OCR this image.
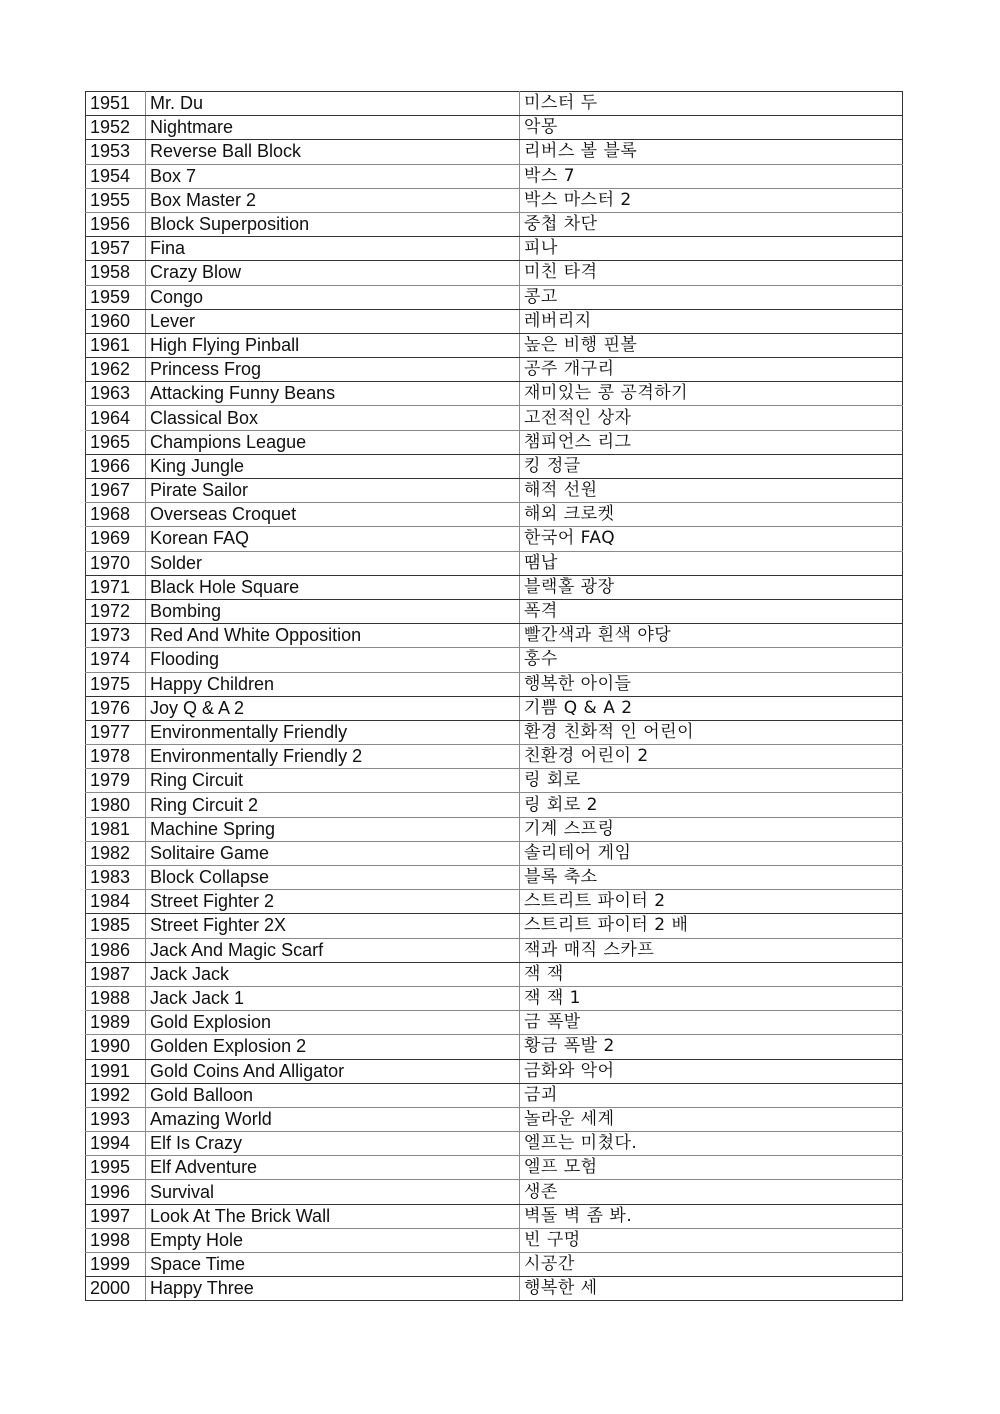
1951	Mr. Du	미스터 두
1952	Nightmare	악몽
1953	Reverse Ball Block	리버스 볼 블록
1954	Box 7	박스 7
1955	Box Master 2	박스 마스터 2
1956	Block Superposition	중첩 차단
1957	Fina	피나
1958	Crazy Blow	미친 타격
1959	Congo	콩고
1960	Lever	레버리지
1961	High Flying Pinball	높은 비행 핀볼
1962	Princess Frog	공주 개구리
1963	Attacking Funny Beans	재미있는 콩 공격하기
1964	Classical Box	고전적인 상자
1965	Champions League	챔피언스 리그
1966	King Jungle	킹 정글
1967	Pirate Sailor	해적 선원
1968	Overseas Croquet	해외 크로켓
1969	Korean FAQ	한국어 FAQ
1970	Solder	땜납
1971	Black Hole Square	블랙홀 광장
1972	Bombing	폭격
1973	Red And White Opposition	빨간색과 흰색 야당
1974	Flooding	홍수
1975	Happy Children	행복한 아이들
1976	Joy Q & A 2	기쁨 Q & A 2
1977	Environmentally Friendly	환경 친화적 인 어린이
1978	Environmentally Friendly 2	친환경 어린이 2
1979	Ring Circuit	링 회로
1980	Ring Circuit 2	링 회로 2
1981	Machine Spring	기계 스프링
1982	Solitaire Game	솔리테어 게임
1983	Block Collapse	블록 축소
1984	Street Fighter 2	스트리트 파이터 2
1985	Street Fighter 2X	스트리트 파이터 2 배
1986	Jack And Magic Scarf	잭과 매직 스카프
1987	Jack Jack	잭 잭
1988	Jack Jack 1	잭 잭 1
1989	Gold Explosion	금 폭발
1990	Golden Explosion 2	황금 폭발 2
1991	Gold Coins And Alligator	금화와 악어
1992	Gold Balloon	금괴
1993	Amazing World	놀라운 세계
1994	Elf Is Crazy	엘프는 미쳤다.
1995	Elf Adventure	엘프 모험
1996	Survival	생존
1997	Look At The Brick Wall	벽돌 벽 좀 봐.
1998	Empty Hole	빈 구멍
1999	Space Time	시공간
2000	Happy Three	행복한 세
